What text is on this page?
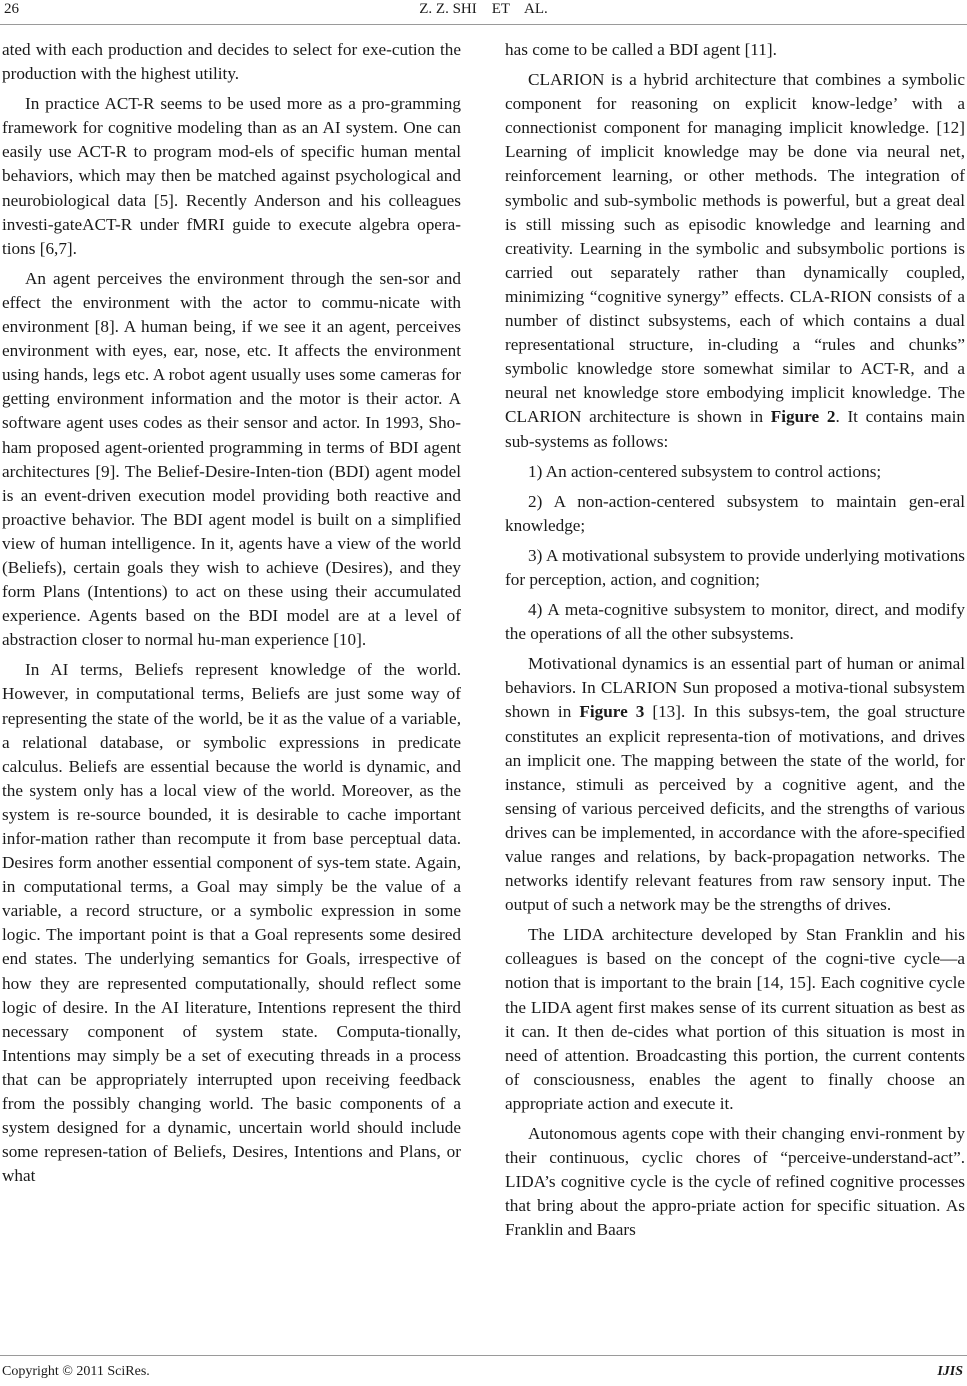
26	Z. Z. SHI    ET    AL.

ated with each production and decides to select for exe-cution the production with the highest utility.

In practice ACT-R seems to be used more as a pro-gramming framework for cognitive modeling than as an AI system. One can easily use ACT-R to program mod-els of specific human mental behaviors, which may then be matched against psychological and neurobiological data [5]. Recently Anderson and his colleagues investi-gateACT-R under fMRI guide to execute algebra opera-tions [6,7].

An agent perceives the environment through the sen-sor and effect the environment with the actor to commu-nicate with environment [8]. A human being, if we see it an agent, perceives environment with eyes, ear, nose, etc. It affects the environment using hands, legs etc. A robot agent usually uses some cameras for getting environment information and the motor is their actor. A software agent uses codes as their sensor and actor. In 1993, Sho-ham proposed agent-oriented programming in terms of BDI agent architectures [9]. The Belief-Desire-Inten-tion (BDI) agent model is an event-driven execution model providing both reactive and proactive behavior. The BDI agent model is built on a simplified view of human intelligence. In it, agents have a view of the world (Beliefs), certain goals they wish to achieve (Desires), and they form Plans (Intentions) to act on these using their accumulated experience. Agents based on the BDI model are at a level of abstraction closer to normal hu-man experience [10].

In AI terms, Beliefs represent knowledge of the world. However, in computational terms, Beliefs are just some way of representing the state of the world, be it as the value of a variable, a relational database, or symbolic expressions in predicate calculus. Beliefs are essential because the world is dynamic, and the system only has a local view of the world. Moreover, as the system is re-source bounded, it is desirable to cache important infor-mation rather than recompute it from base perceptual data. Desires form another essential component of sys-tem state. Again, in computational terms, a Goal may simply be the value of a variable, a record structure, or a symbolic expression in some logic. The important point is that a Goal represents some desired end states. The underlying semantics for Goals, irrespective of how they are represented computationally, should reflect some logic of desire. In the AI literature, Intentions represent the third necessary component of system state. Computa-tionally, Intentions may simply be a set of executing threads in a process that can be appropriately interrupted upon receiving feedback from the possibly changing world. The basic components of a system designed for a dynamic, uncertain world should include some represen-tation of Beliefs, Desires, Intentions and Plans, or what

has come to be called a BDI agent [11].

CLARION is a hybrid architecture that combines a symbolic component for reasoning on explicit know-ledge’ with a connectionist component for managing implicit knowledge. [12] Learning of implicit knowledge may be done via neural net, reinforcement learning, or other methods. The integration of symbolic and sub-symbolic methods is powerful, but a great deal is still missing such as episodic knowledge and learning and creativity. Learning in the symbolic and subsymbolic portions is carried out separately rather than dynamically coupled, minimizing “cognitive synergy” effects. CLA-RION consists of a number of distinct subsystems, each of which contains a dual representational structure, in-cluding a “rules and chunks” symbolic knowledge store somewhat similar to ACT-R, and a neural net knowledge store embodying implicit knowledge. The CLARION architecture is shown in Figure 2. It contains main sub-systems as follows:

1) An action-centered subsystem to control actions;
2) A non-action-centered subsystem to maintain gen-eral knowledge;
3) A motivational subsystem to provide underlying motivations for perception, action, and cognition;
4) A meta-cognitive subsystem to monitor, direct, and modify the operations of all the other subsystems.

Motivational dynamics is an essential part of human or animal behaviors. In CLARION Sun proposed a motiva-tional subsystem shown in Figure 3 [13]. In this subsys-tem, the goal structure constitutes an explicit representa-tion of motivations, and drives an implicit one. The mapping between the state of the world, for instance, stimuli as perceived by a cognitive agent, and the sensing of various perceived deficits, and the strengths of various drives can be implemented, in accordance with the afore-specified value ranges and relations, by back-propagation networks. The networks identify relevant features from raw sensory input. The output of such a network may be the strengths of drives.

The LIDA architecture developed by Stan Franklin and his colleagues is based on the concept of the cogni-tive cycle—a notion that is important to the brain [14, 15]. Each cognitive cycle the LIDA agent first makes sense of its current situation as best as it can. It then de-cides what portion of this situation is most in need of attention. Broadcasting this portion, the current contents of consciousness, enables the agent to finally choose an appropriate action and execute it.

Autonomous agents cope with their changing envi-ronment by their continuous, cyclic chores of “perceive-understand-act”. LIDA’s cognitive cycle is the cycle of refined cognitive processes that bring about the appro-priate action for specific situation. As Franklin and Baars

Copyright © 2011 SciRes.	IJIS
